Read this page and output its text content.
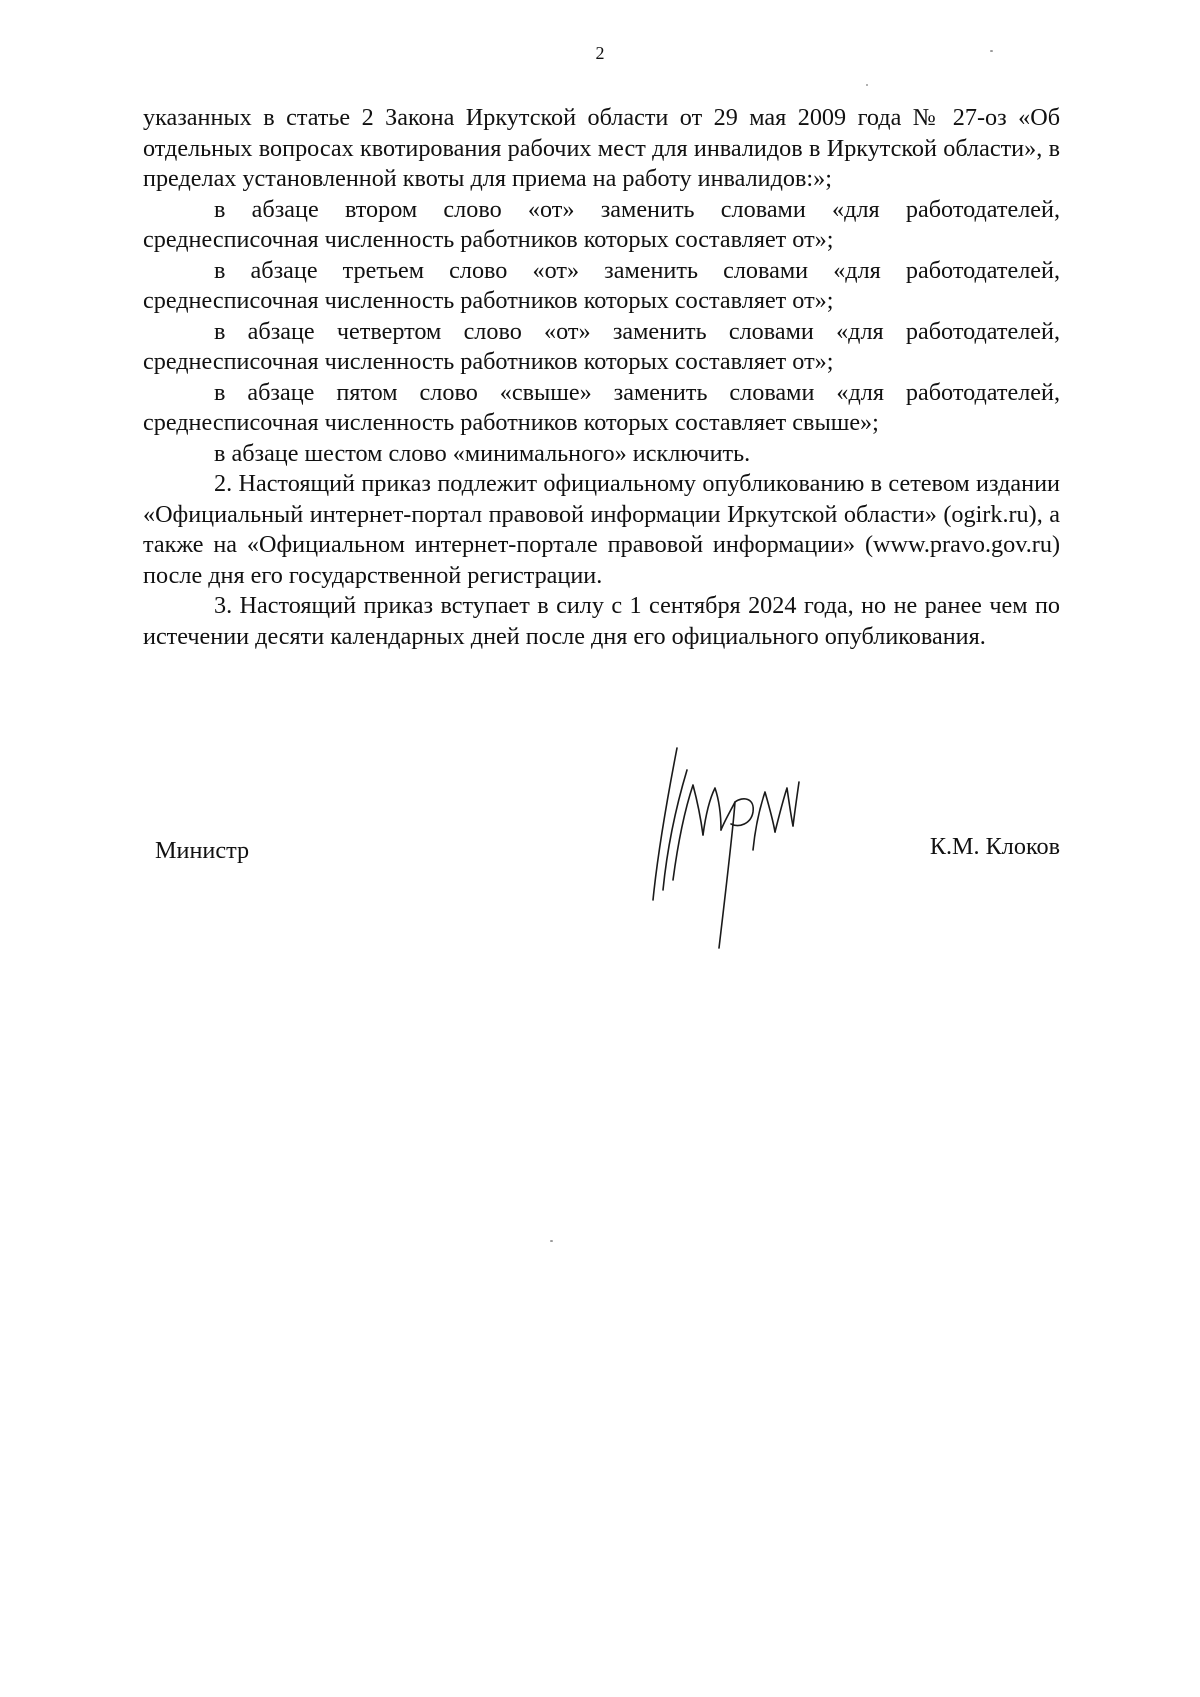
2

указанных в статье 2 Закона Иркутской области от 29 мая 2009 года № 27-оз «Об отдельных вопросах квотирования рабочих мест для инвалидов в Иркутской области», в пределах установленной квоты для приема на работу инвалидов:»;

в абзаце втором слово «от» заменить словами «для работодателей, среднесписочная численность работников которых составляет от»;

в абзаце третьем слово «от» заменить словами «для работодателей, среднесписочная численность работников которых составляет от»;

в абзаце четвертом слово «от» заменить словами «для работодателей, среднесписочная численность работников которых составляет от»;

в абзаце пятом слово «свыше» заменить словами «для работодателей, среднесписочная численность работников которых составляет свыше»;

в абзаце шестом слово «минимального» исключить.

2. Настоящий приказ подлежит официальному опубликованию в сетевом издании «Официальный интернет-портал правовой информации Иркутской области» (ogirk.ru), а также на «Официальном интернет-портале правовой информации» (www.pravo.gov.ru) после дня его государственной регистрации.

3. Настоящий приказ вступает в силу с 1 сентября 2024 года, но не ранее чем по истечении десяти календарных дней после дня его официального опубликования.

Министр	К.М. Клоков
